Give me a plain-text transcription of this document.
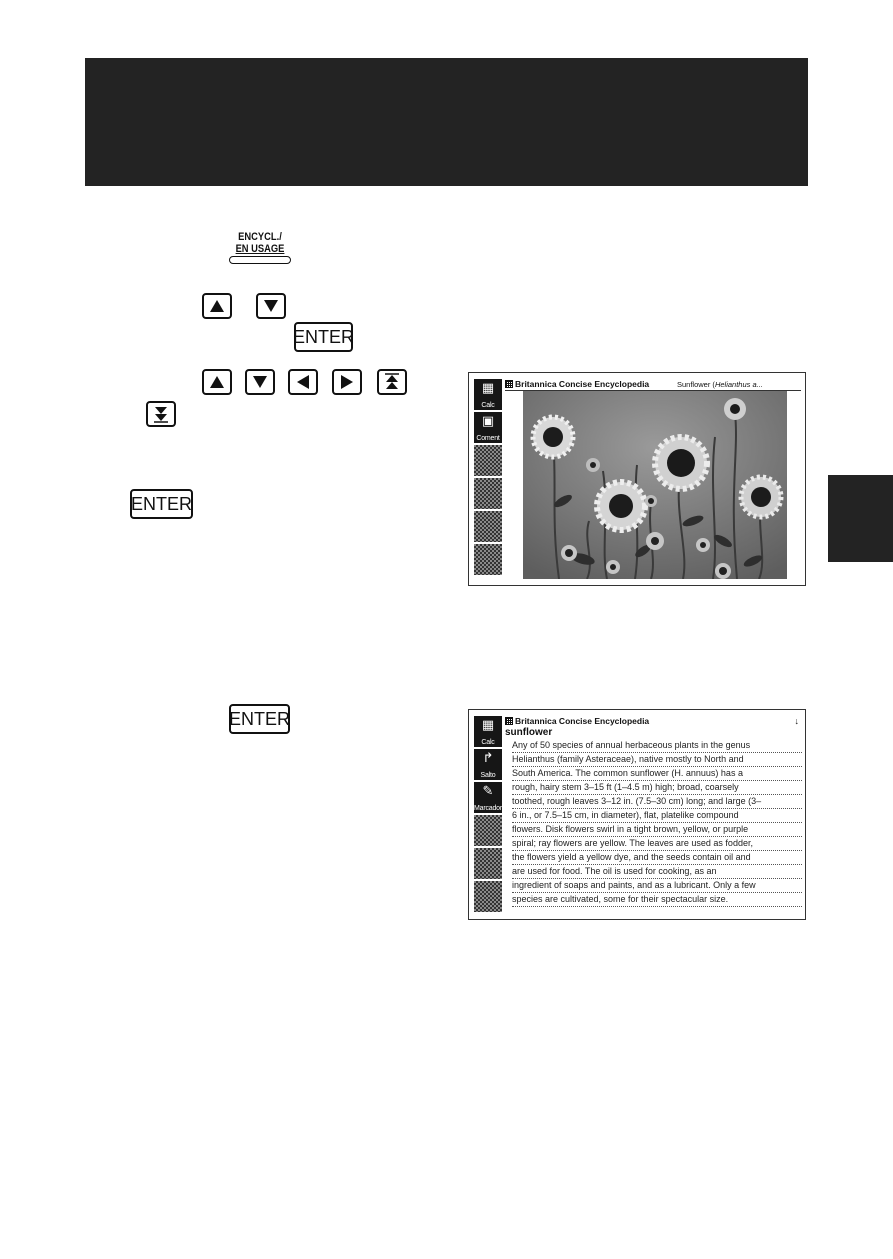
ENCYCL./
EN USAGE
ENTER
ENTER
ENTER
▦
Calc
▣
Coment
Britannica Concise Encyclopedia	Sunflower (Helianthus a...
▦
Calc
↱
Salto
✎
Marcador
Britannica Concise Encyclopedia	↓
sunflower
Any of 50 species of annual herbaceous plants in the genus
Helianthus (family Asteraceae), native mostly to North and
South America. The common sunflower (H. annuus) has a
rough, hairy stem 3–15 ft (1–4.5 m) high; broad, coarsely
toothed, rough leaves 3–12 in. (7.5–30 cm) long; and large (3–
6 in., or 7.5–15 cm, in diameter), flat, platelike compound
flowers. Disk flowers swirl in a tight brown, yellow, or purple
spiral; ray flowers are yellow. The leaves are used as fodder,
the flowers yield a yellow dye, and the seeds contain oil and
are used for food. The oil is used for cooking, as an
ingredient of soaps and paints, and as a lubricant. Only a few
species are cultivated, some for their spectacular size.
